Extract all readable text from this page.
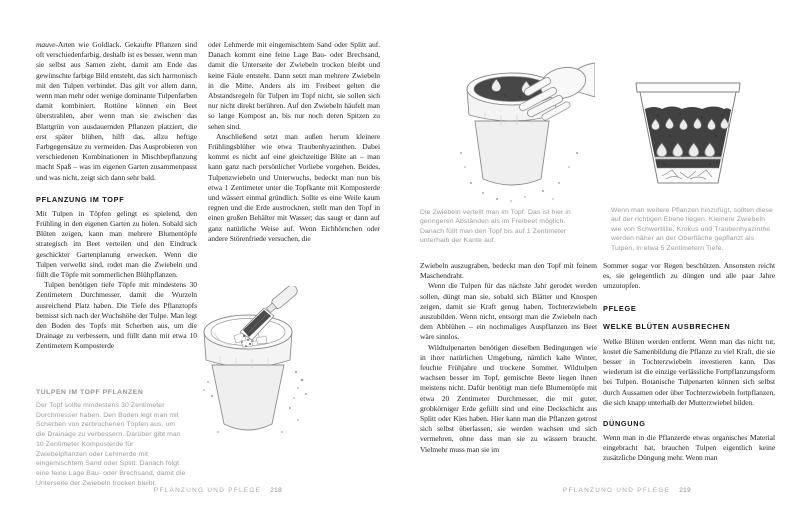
mauve-Arten wie Goldlack. Gekaufte Pflanzen sind oft verschiedenfarbig, deshalb ist es besser, wenn man sie selbst aus Samen zieht, damit am Ende das gewünschte farbige Bild entsteht, das sich harmonisch mit den Tulpen verbindet. Das gilt vor allem dann, wenn man mehr oder wenige dominante Tulpenfarben damit kombiniert. Rottöne können ein Beet überstrahlen, aber wenn man sie zwischen das Blattgrün von ausdauernden Pflanzen platziert, die erst später blühen, hilft das, allzu heftige Farbgegensätze zu vermeiden. Das Ausprobieren von verschiedenen Kombinationen in Mischbepflanzung macht Spaß – was im eigenen Garten zusammenpasst und was nicht, zeigt sich dann sehr bald.

PFLANZUNG IM TOPF

Mit Tulpen in Töpfen gelingt es spielend, den Frühling in den eigenen Garten zu holen. Sobald sich Blüten zeigen, kann man mehrere Blumentöpfe strategisch im Beet verteilen und den Eindruck geschickter Gartenplanung erwecken. Wenn die Tulpen verwelkt sind, rodet man die Zwiebeln und füllt die Töpfe mit sommerlichen Blühpflanzen.

Tulpen benötigen tiefe Töpfe mit mindestens 30 Zentimetern Durchmesser, damit die Wurzeln ausreichend Platz haben. Die Tiefe des Pflanztopfs bemisst sich nach der Wuchshöhe der Tulpe. Man legt den Boden des Topfs mit Scherben aus, um die Drainage zu verbessern, und füllt dann mit etwa 10 Zentimetern Komposterde

TULPEN IM TOPF PFLANZEN
Der Topf sollte mindestens 30 Zentimeter Durchmesser haben. Den Boden legt man mit Scherben von zerbrochenen Töpfen aus, um die Drainage zu verbessern. Darüber gibt man 10 Zentimeter Komposterde für Zwiebelpflanzen oder Lehmerde mit eingemischtem Sand oder Splitt. Danach folgt eine feine Lage Bau- oder Brechsand, damit die Unterseite der Zwiebeln trocken bleibt.

oder Lehmerde mit eingemischtem Sand oder Splitt auf. Danach kommt eine feine Lage Bau- oder Brechsand, damit die Unterseite der Zwiebeln trocken bleibt und keine Fäule entsteht. Dann setzt man mehrere Zwiebeln in die Mitte. Anders als im Freibeet gelten die Abstandsregeln für Tulpen im Topf nicht, sie sollen sich nur nicht direkt berühren. Auf den Zwiebeln häufelt man so lange Kompost an, bis nur noch deren Spitzen zu sehen sind.

Anschließend setzt man außen herum kleinere Frühlingsblüher wie etwa Traubenhyazinthen. Dabei kommt es nicht auf eine gleichzeitige Blüte an – man kann ganz nach persönlicher Vorliebe vorgehen. Beides, Tulpenzwiebeln und Unterwuchs, bedeckt man nun bis etwa 1 Zentimeter unter die Topfkante mit Komposterde und wässert einmal gründlich. Sollte es eine Weile kaum regnen und die Erde austrocknen, stellt man den Topf in einen großen Behälter mit Wasser; das saugt er dann auf ganz natürliche Weise auf. Wenn Eichhörnchen oder andere Störenfriede versuchen, die

PFLANZUNG UND PFLEGE 218
Die Zwiebeln verteilt man im Topf. Das ist hier in geringeren Abständen als im Freibeet möglich. Danach füllt man den Topf bis auf 1 Zentimeter unterhalb der Kante auf.

Zwiebeln auszugraben, bedeckt man den Topf mit feinem Maschendraht.

Wenn die Tulpen für das nächste Jahr gerodet werden sollen, düngt man sie, sobald sich Blätter und Knospen zeigen, damit sie Kraft genug haben, Tochterzwiebeln auszubilden. Wenn nicht, entsorgt man die Zwiebeln nach dem Abblühen – ein nochmaliges Auspflanzen ins Beet wäre sinnlos.

Wildtulpenarten benötigen dieselben Bedingungen wie in ihrer natürlichen Umgebung, nämlich kalte Winter, feuchte Frühjahre und trockene Sommer. Wildtulpen wachsen besser im Topf, gemischte Beete liegen ihnen meistens nicht. Dafür benötigt man tiefe Blumentöpfe mit etwa 20 Zentimeter Durchmesser, die mit guter, grobkörniger Erde gefüllt sind und eine Deckschicht aus Splitt oder Kies haben. Hier kann man die Pflanzen getrost sich selbst überlassen, sie werden wachsen und sich vermehren, ohne dass man sie zu wässern braucht. Vielmehr muss man sie im

Wenn man weitere Pflanzen hinzufügt, sollten diese auf der richtigen Ebene liegen. Kleinere Zwiebeln wie von Schwertlilie, Krokus und Traubenhyazinthe werden näher an der Oberfläche gepflanzt als Tulpen, in etwa 5 Zentimetern Tiefe.

Sommer sogar vor Regen beschützen. Ansonsten reicht es, sie gelegentlich zu düngen und alle paar Jahre umzutopfen.

PFLEGE
WELKE BLÜTEN AUSBRECHEN

Welke Blüten werden entfernt. Wenn man das nicht tut, kostet die Samenbildung die Pflanze zu viel Kraft, die sie besser in Tochterzwiebeln investieren kann. Das wiederum ist die einzige verlässliche Fortpflanzungsform bei Tulpen. Botanische Tulpenarten können sich selbst durch Aussamen oder über Tochterzwiebeln fortpflanzen, die sich knapp unterhalb der Mutterzwiebel bilden.

DÜNGUNG

Wenn man in die Pflanzerde etwas organisches Material eingebracht hat, brauchen Tulpen eigentlich keine zusätzliche Düngung mehr. Wenn man

PFLANZUNG UND PFLEGE 219
